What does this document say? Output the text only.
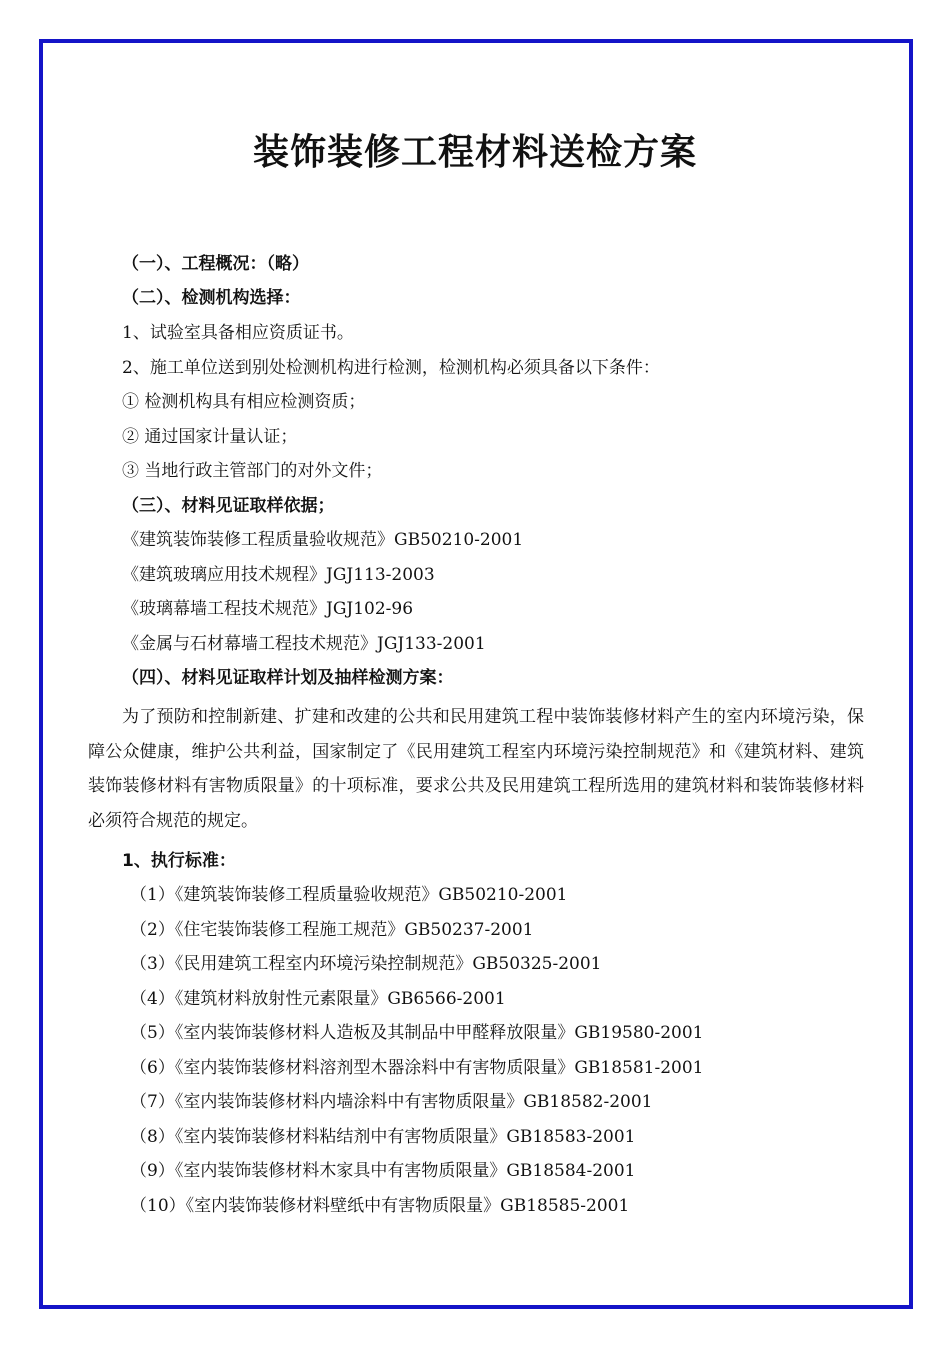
装饰装修工程材料送检方案

（一）、工程概况：（略）

（二）、检测机构选择：

1、试验室具备相应资质证书。

2、施工单位送到别处检测机构进行检测，检测机构必须具备以下条件：

① 检测机构具有相应检测资质；

② 通过国家计量认证；

③ 当地行政主管部门的对外文件；

（三）、材料见证取样依据；

《建筑装饰装修工程质量验收规范》GB50210-2001

《建筑玻璃应用技术规程》JGJ113-2003

《玻璃幕墙工程技术规范》JGJ102-96

《金属与石材幕墙工程技术规范》JGJ133-2001

（四）、材料见证取样计划及抽样检测方案：

为了预防和控制新建、扩建和改建的公共和民用建筑工程中装饰装修材料产生的室内环境污染，保障公众健康，维护公共利益，国家制定了《民用建筑工程室内环境污染控制规范》和《建筑材料、建筑装饰装修材料有害物质限量》的十项标准，要求公共及民用建筑工程所选用的建筑材料和装饰装修材料必须符合规范的规定。

1、执行标准：

（1）《建筑装饰装修工程质量验收规范》GB50210-2001

（2）《住宅装饰装修工程施工规范》GB50237-2001

（3）《民用建筑工程室内环境污染控制规范》GB50325-2001

（4）《建筑材料放射性元素限量》GB6566-2001

（5）《室内装饰装修材料人造板及其制品中甲醛释放限量》GB19580-2001

（6）《室内装饰装修材料溶剂型木器涂料中有害物质限量》GB18581-2001

（7）《室内装饰装修材料内墙涂料中有害物质限量》GB18582-2001

（8）《室内装饰装修材料粘结剂中有害物质限量》GB18583-2001

（9）《室内装饰装修材料木家具中有害物质限量》GB18584-2001

（10）《室内装饰装修材料壁纸中有害物质限量》GB18585-2001
